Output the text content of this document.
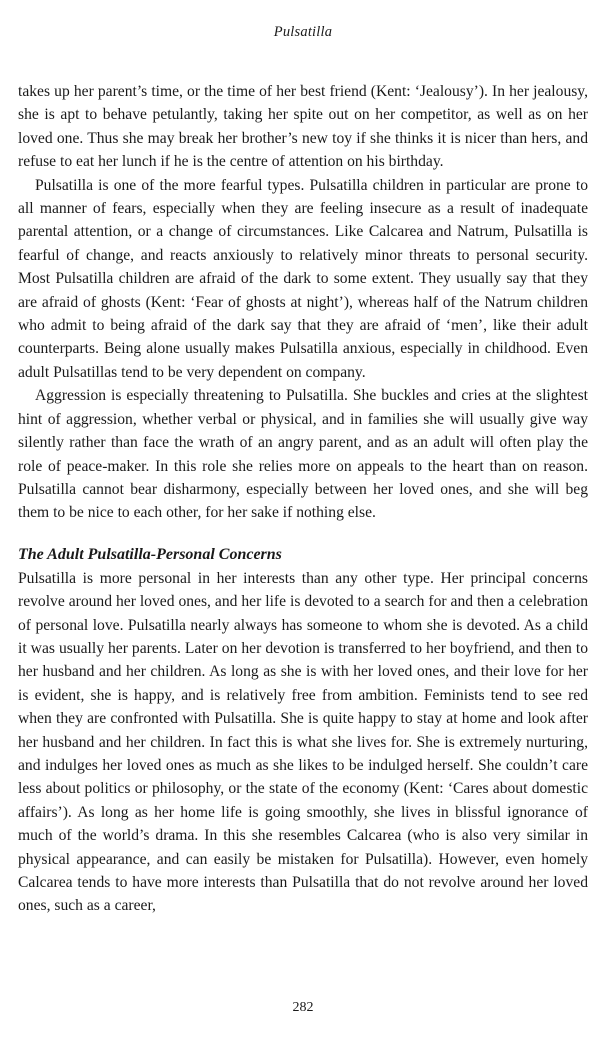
Pulsatilla

takes up her parent’s time, or the time of her best friend (Kent: ‘Jealousy’). In her jealousy, she is apt to behave petulantly, taking her spite out on her competitor, as well as on her loved one. Thus she may break her brother’s new toy if she thinks it is nicer than hers, and refuse to eat her lunch if he is the centre of attention on his birthday.

Pulsatilla is one of the more fearful types. Pulsatilla children in particular are prone to all manner of fears, especially when they are feeling insecure as a result of inadequate parental attention, or a change of circumstances. Like Calcarea and Natrum, Pulsatilla is fearful of change, and reacts anxiously to relatively minor threats to personal security. Most Pulsatilla children are afraid of the dark to some extent. They usually say that they are afraid of ghosts (Kent: ‘Fear of ghosts at night’), whereas half of the Natrum children who admit to being afraid of the dark say that they are afraid of ‘men’, like their adult counterparts. Being alone usually makes Pulsatilla anxious, especially in childhood. Even adult Pulsatillas tend to be very dependent on company.

Aggression is especially threatening to Pulsatilla. She buckles and cries at the slightest hint of aggression, whether verbal or physical, and in families she will usually give way silently rather than face the wrath of an angry parent, and as an adult will often play the role of peace-maker. In this role she relies more on appeals to the heart than on reason. Pulsatilla cannot bear disharmony, especially between her loved ones, and she will beg them to be nice to each other, for her sake if nothing else.

The Adult Pulsatilla-Personal Concerns

Pulsatilla is more personal in her interests than any other type. Her principal concerns revolve around her loved ones, and her life is devoted to a search for and then a celebration of personal love. Pulsatilla nearly always has someone to whom she is devoted. As a child it was usually her parents. Later on her devotion is transferred to her boyfriend, and then to her husband and her children. As long as she is with her loved ones, and their love for her is evident, she is happy, and is relatively free from ambition. Feminists tend to see red when they are confronted with Pulsatilla. She is quite happy to stay at home and look after her husband and her children. In fact this is what she lives for. She is extremely nurturing, and indulges her loved ones as much as she likes to be indulged herself. She couldn’t care less about politics or philosophy, or the state of the economy (Kent: ‘Cares about domestic affairs’). As long as her home life is going smoothly, she lives in blissful ignorance of much of the world’s drama. In this she resembles Calcarea (who is also very similar in physical appearance, and can easily be mistaken for Pulsatilla). However, even homely Calcarea tends to have more interests than Pulsatilla that do not revolve around her loved ones, such as a career,

282
